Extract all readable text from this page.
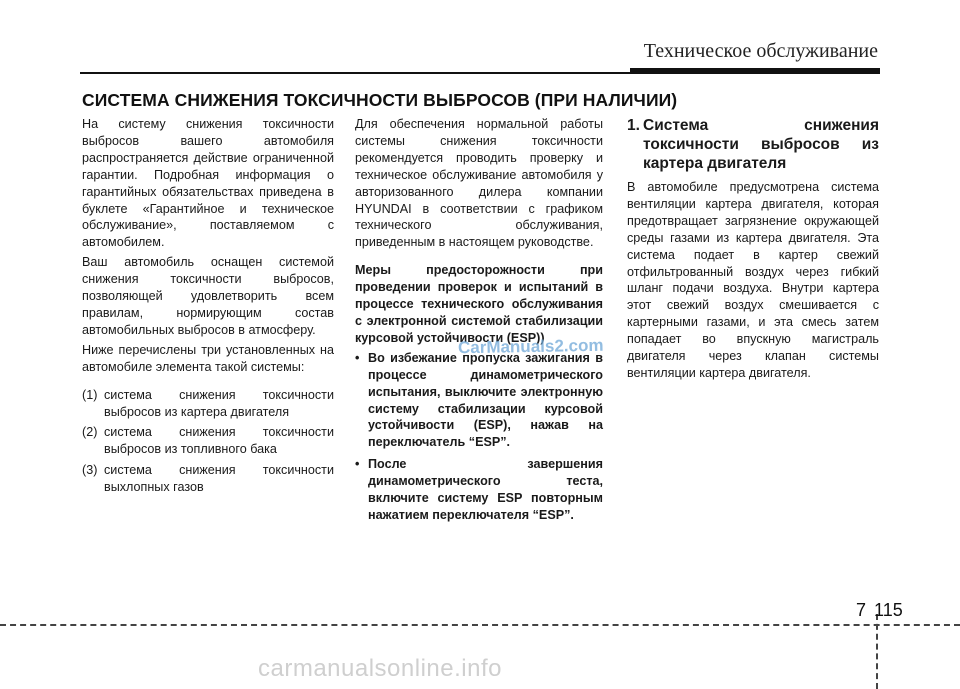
Техническое обслуживание
СИСТЕМА СНИЖЕНИЯ ТОКСИЧНОСТИ ВЫБРОСОВ (ПРИ НАЛИЧИИ)

На систему снижения токсичности выбросов вашего автомобиля распространяется действие ограниченной гарантии. Подробная информация о гарантийных обязательствах приведена в буклете «Гарантийное и техническое обслуживание», поставляемом с автомобилем.

Ваш автомобиль оснащен системой снижения токсичности выбросов, позволяющей удовлетворить всем правилам, нормирующим состав автомобильных выбросов в атмосферу.

Ниже перечислены три установленных на автомобиле элемента такой системы:

(1) система снижения токсичности выбросов из картера двигателя
(2) система снижения токсичности выбросов из топливного бака
(3) система снижения токсичности выхлопных газов

Для обеспечения нормальной работы системы снижения токсичности рекомендуется проводить проверку и техническое обслуживание автомобиля у авторизованного дилера компании HYUNDAI в соответствии с графиком технического обслуживания, приведенным в настоящем руководстве.

Меры предосторожности при проведении проверок и испытаний в процессе технического обслуживания с электронной системой стабилизации курсовой устойчивости (ESP))

• Во избежание пропуска зажигания в процессе динамометрического испытания, выключите электронную систему стабилизации курсовой устойчивости (ESP), нажав на переключатель “ESP”.
• После завершения динамометрического теста, включите систему ESP повторным нажатием переключателя “ESP”.
1. Система снижения токсичности выбросов из картера двигателя

В автомобиле предусмотрена система вентиляции картера двигателя, которая предотвращает загрязнение окружающей среды газами из картера двигателя. Эта система подает в картер свежий отфильтрованный воздух через гибкий шланг подачи воздуха. Внутри картера этот свежий воздух смешивается с картерными газами, и эта смесь затем попадает во впускную магистраль двигателя через клапан системы вентиляции картера двигателя.

CarManuals2.com
7 115
carmanualsonline.info
